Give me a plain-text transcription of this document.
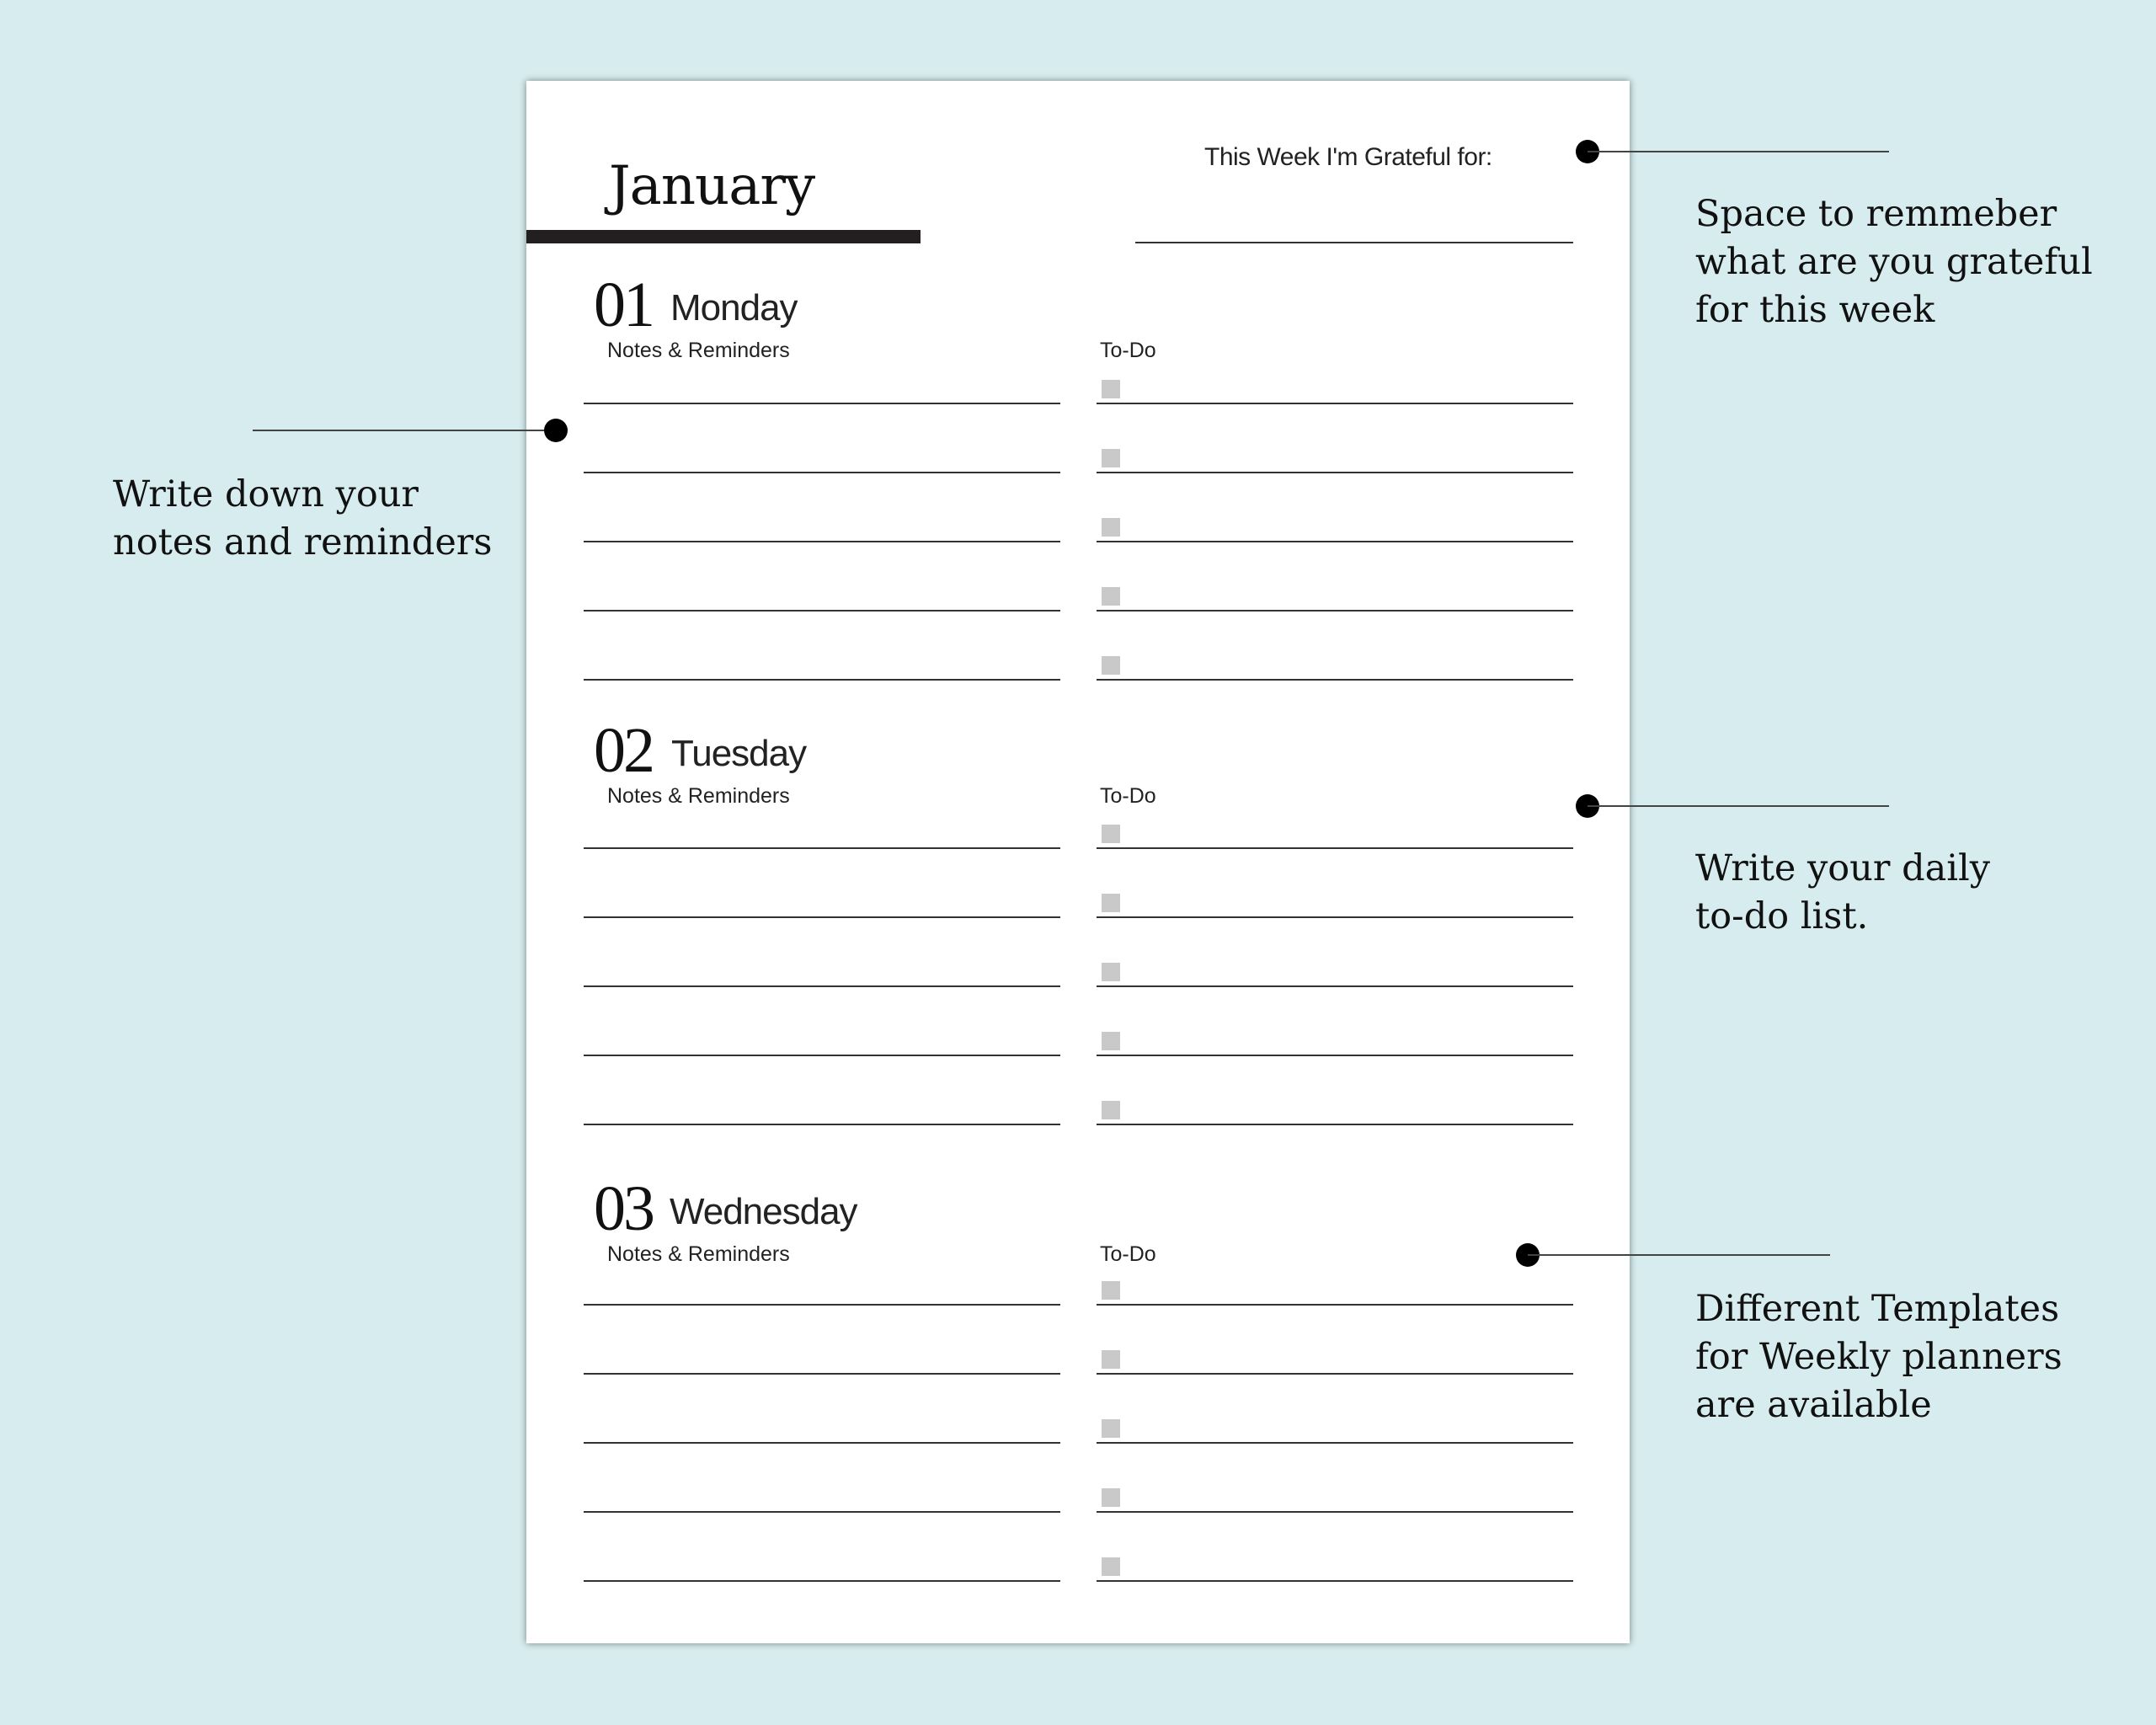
January	This Week I'm Grateful for:
01 Monday
Notes & Reminders	To-Do
02 Tuesday
Notes & Reminders	To-Do
03 Wednesday
Notes & Reminders	To-Do
Space to remmeber
what are you grateful
for this week
Write down your
notes and reminders
Write your daily
to-do list.
Different Templates
for Weekly planners
are available
